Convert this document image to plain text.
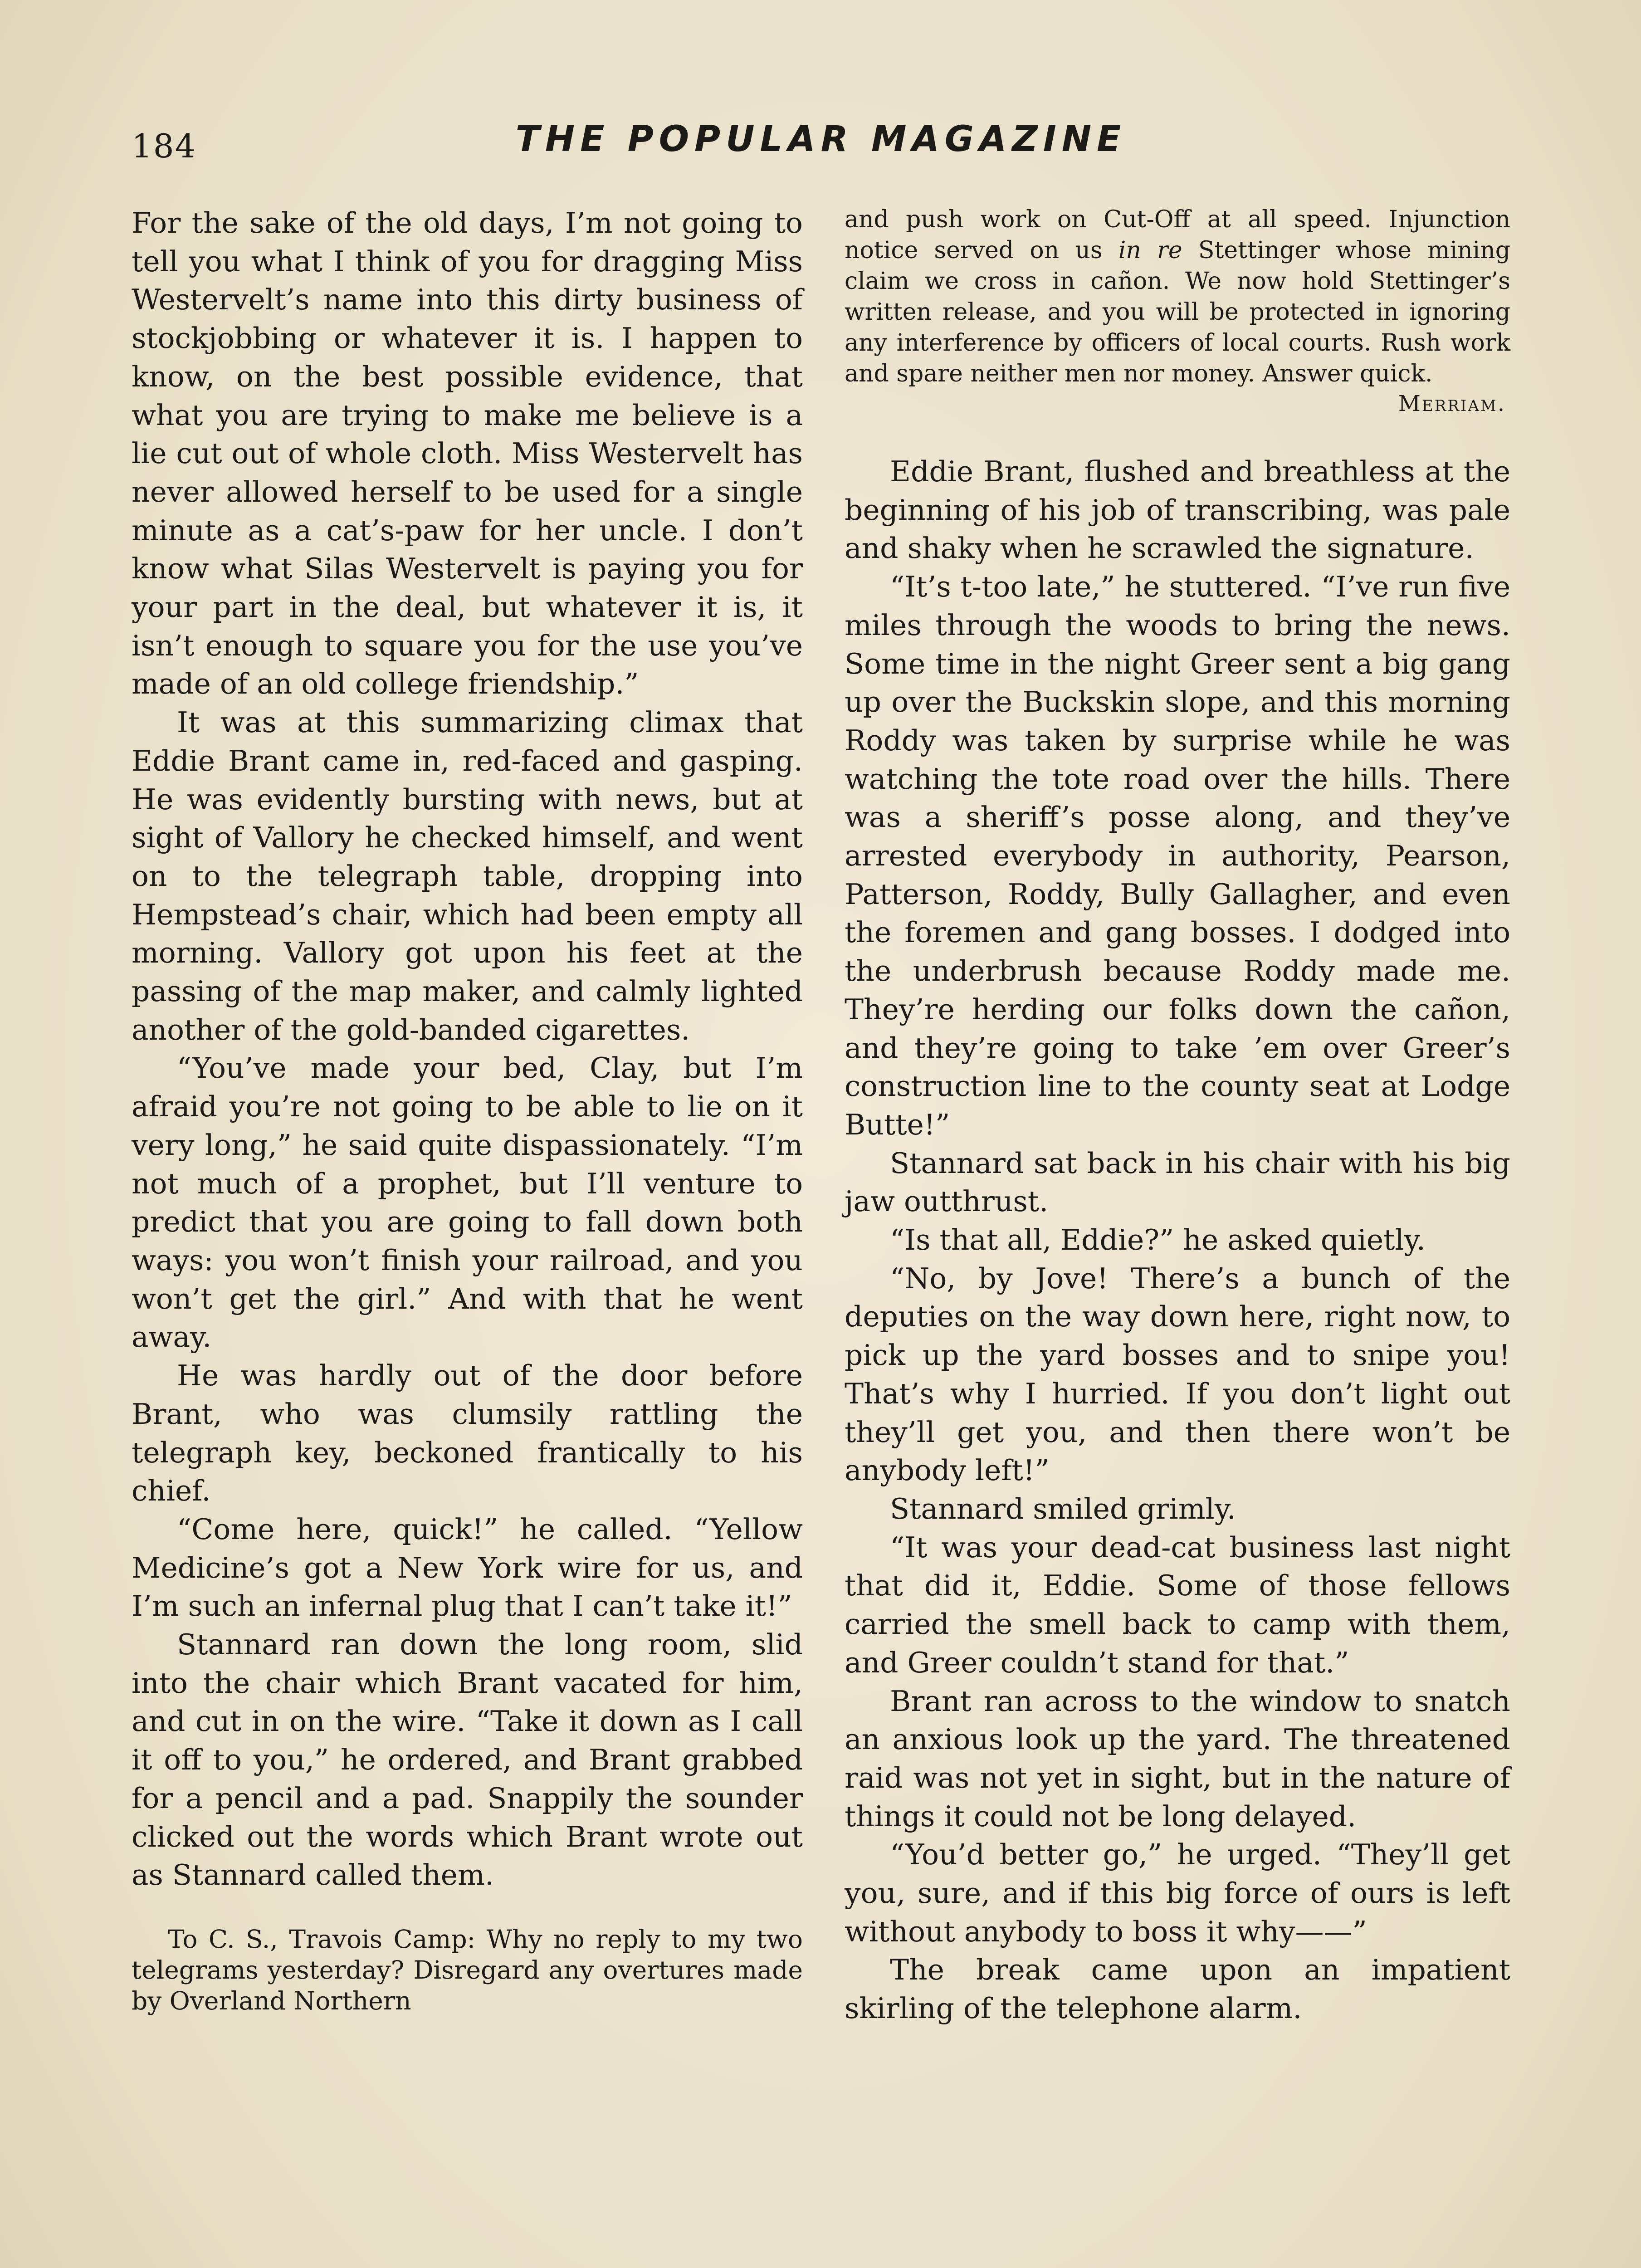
184	THE POPULAR MAGAZINE

For the sake of the old days, I’m not going to tell you what I think of you for dragging Miss Westervelt’s name into this dirty business of stockjobbing or whatever it is. I happen to know, on the best possible evidence, that what you are trying to make me believe is a lie cut out of whole cloth. Miss Westervelt has never allowed herself to be used for a single minute as a cat’s-paw for her uncle. I don’t know what Silas Westervelt is paying you for your part in the deal, but whatever it is, it isn’t enough to square you for the use you’ve made of an old college friendship.”

It was at this summarizing climax that Eddie Brant came in, red-faced and gasping. He was evidently bursting with news, but at sight of Vallory he checked himself, and went on to the telegraph table, dropping into Hempstead’s chair, which had been empty all morning. Vallory got upon his feet at the passing of the map maker, and calmly lighted another of the gold-banded cigarettes.

“You’ve made your bed, Clay, but I’m afraid you’re not going to be able to lie on it very long,” he said quite dispassionately. “I’m not much of a prophet, but I’ll venture to predict that you are going to fall down both ways: you won’t finish your railroad, and you won’t get the girl.” And with that he went away.

He was hardly out of the door before Brant, who was clumsily rattling the telegraph key, beckoned frantically to his chief.

“Come here, quick!” he called. “Yellow Medicine’s got a New York wire for us, and I’m such an infernal plug that I can’t take it!”

Stannard ran down the long room, slid into the chair which Brant vacated for him, and cut in on the wire. “Take it down as I call it off to you,” he ordered, and Brant grabbed for a pencil and a pad. Snappily the sounder clicked out the words which Brant wrote out as Stannard called them.

To C. S., Travois Camp: Why no reply to my two telegrams yesterday? Disregard any overtures made by Overland Northern

and push work on Cut-Off at all speed. Injunction notice served on us in re Stettinger whose mining claim we cross in cañon. We now hold Stettinger’s written release, and you will be protected in ignoring any interference by officers of local courts. Rush work and spare neither men nor money. Answer quick.

Merriam.

Eddie Brant, flushed and breathless at the beginning of his job of transcribing, was pale and shaky when he scrawled the signature.

“It’s t-too late,” he stuttered. “I’ve run five miles through the woods to bring the news. Some time in the night Greer sent a big gang up over the Buckskin slope, and this morning Roddy was taken by surprise while he was watching the tote road over the hills. There was a sheriff’s posse along, and they’ve arrested everybody in authority, Pearson, Patterson, Roddy, Bully Gallagher, and even the foremen and gang bosses. I dodged into the underbrush because Roddy made me. They’re herding our folks down the cañon, and they’re going to take ’em over Greer’s construction line to the county seat at Lodge Butte!”

Stannard sat back in his chair with his big jaw outthrust.

“Is that all, Eddie?” he asked quietly.

“No, by Jove! There’s a bunch of the deputies on the way down here, right now, to pick up the yard bosses and to snipe you! That’s why I hurried. If you don’t light out they’ll get you, and then there won’t be anybody left!”

Stannard smiled grimly.

“It was your dead-cat business last night that did it, Eddie. Some of those fellows carried the smell back to camp with them, and Greer couldn’t stand for that.”

Brant ran across to the window to snatch an anxious look up the yard. The threatened raid was not yet in sight, but in the nature of things it could not be long delayed.

“You’d better go,” he urged. “They’ll get you, sure, and if this big force of ours is left without anybody to boss it why——”

The break came upon an impatient skirling of the telephone alarm.
